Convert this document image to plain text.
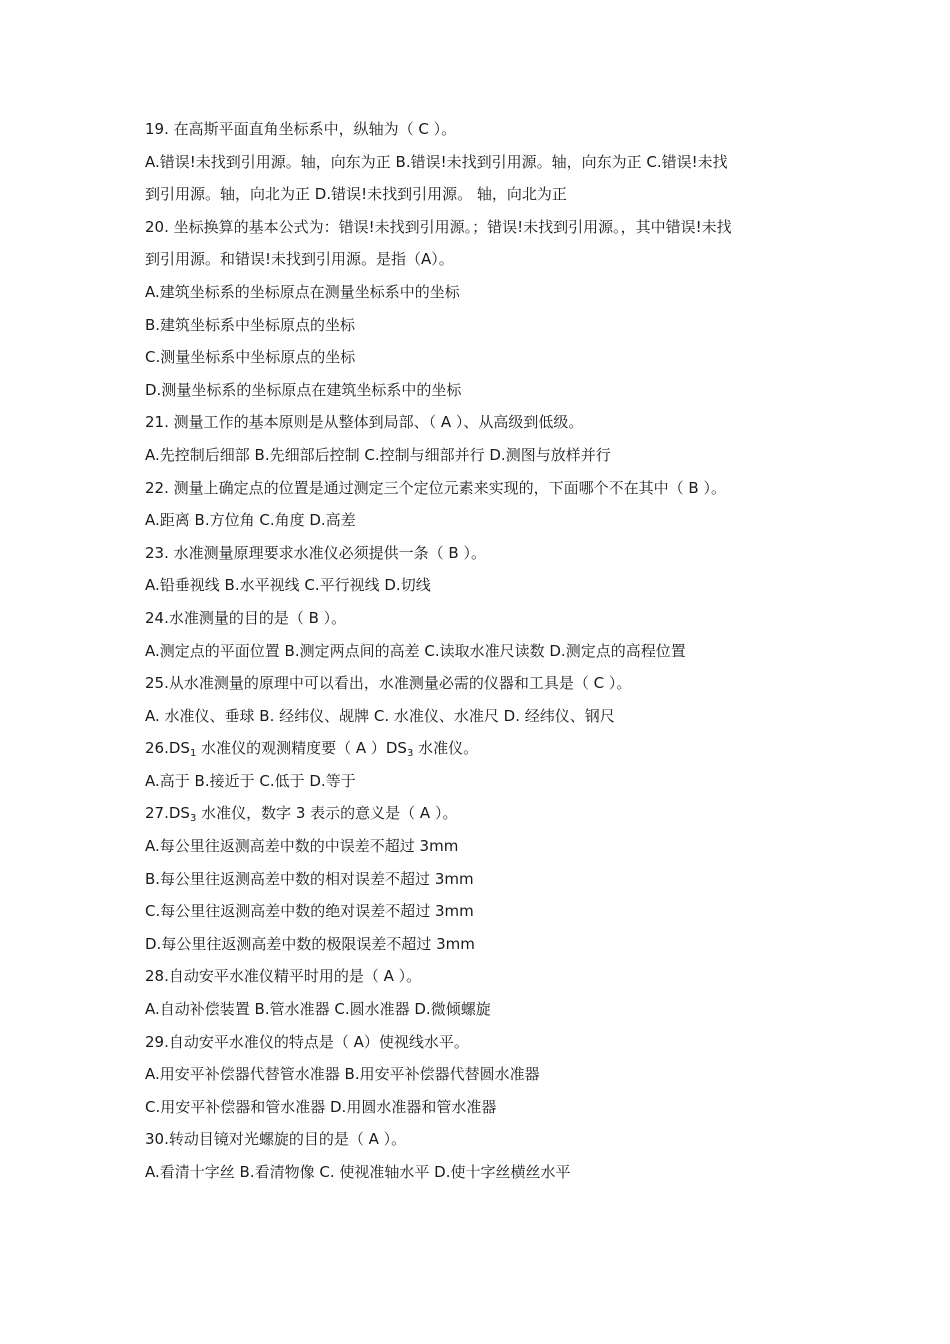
19. 在高斯平面直角坐标系中，纵轴为（ C ）。
A.错误!未找到引用源。轴，向东为正 B.错误!未找到引用源。轴，向东为正 C.错误!未找
到引用源。轴，向北为正 D.错误!未找到引用源。 轴，向北为正
20. 坐标换算的基本公式为：错误!未找到引用源。；错误!未找到引用源。，其中错误!未找
到引用源。和错误!未找到引用源。是指（A）。
A.建筑坐标系的坐标原点在测量坐标系中的坐标
B.建筑坐标系中坐标原点的坐标
C.测量坐标系中坐标原点的坐标
D.测量坐标系的坐标原点在建筑坐标系中的坐标
21. 测量工作的基本原则是从整体到局部、（ A ）、从高级到低级。
A.先控制后细部 B.先细部后控制 C.控制与细部并行 D.测图与放样并行
22. 测量上确定点的位置是通过测定三个定位元素来实现的，下面哪个不在其中（ B ）。
A.距离 B.方位角 C.角度 D.高差
23. 水准测量原理要求水准仪必须提供一条（ B ）。
A.铅垂视线 B.水平视线 C.平行视线 D.切线
24.水准测量的目的是（ B ）。
A.测定点的平面位置 B.测定两点间的高差 C.读取水准尺读数 D.测定点的高程位置
25.从水准测量的原理中可以看出，水准测量必需的仪器和工具是（ C ）。
A. 水准仪、垂球 B. 经纬仪、觇牌 C. 水准仪、水准尺 D. 经纬仪、钢尺
$26.DS_1$ 水准仪的观测精度要（ A ）$DS_3$ 水准仪。
A.高于 B.接近于 C.低于 D.等于
$27.DS_3$ 水准仪，数字 3 表示的意义是（ A ）。
A.每公里往返测高差中数的中误差不超过 3mm
B.每公里往返测高差中数的相对误差不超过 3mm
C.每公里往返测高差中数的绝对误差不超过 3mm
D.每公里往返测高差中数的极限误差不超过 3mm
28.自动安平水准仪精平时用的是（ A ）。
A.自动补偿装置 B.管水准器 C.圆水准器 D.微倾螺旋
29.自动安平水准仪的特点是（ A）使视线水平。
A.用安平补偿器代替管水准器 B.用安平补偿器代替圆水准器
C.用安平补偿器和管水准器 D.用圆水准器和管水准器
30.转动目镜对光螺旋的目的是（ A ）。
A.看清十字丝 B.看清物像 C. 使视准轴水平 D.使十字丝横丝水平
